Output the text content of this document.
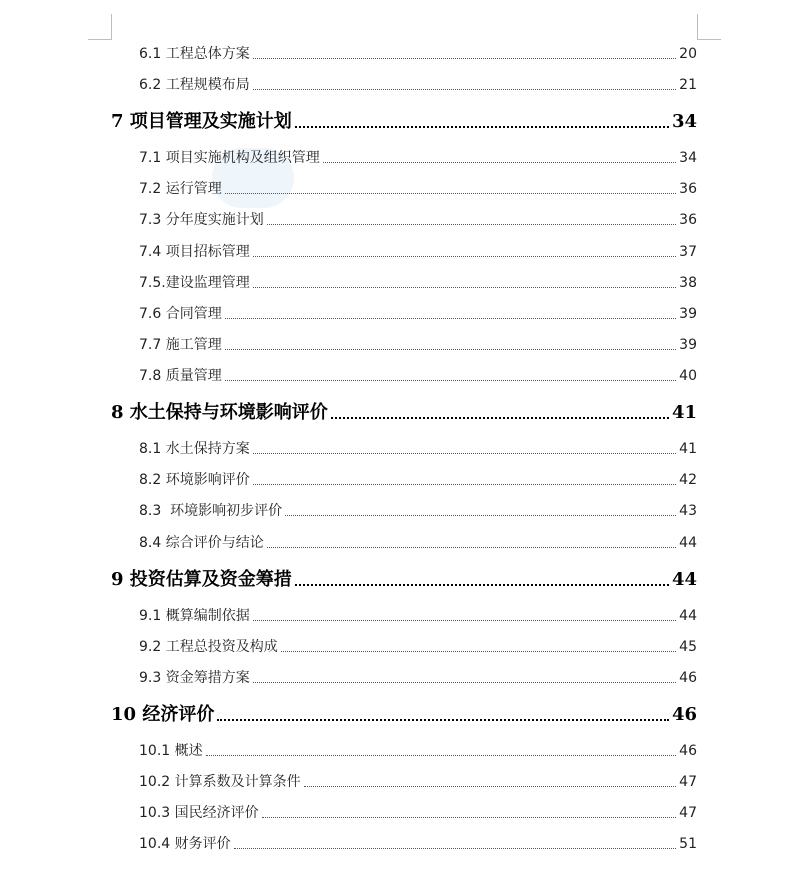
6.1 工程总体方案	20
6.2 工程规模布局	21
7 项目管理及实施计划	34
7.1 项目实施机构及组织管理	34
7.2 运行管理	36
7.3 分年度实施计划	36
7.4 项目招标管理	37
7.5.建设监理管理	38
7.6 合同管理	39
7.7 施工管理	39
7.8 质量管理	40
8 水土保持与环境影响评价	41
8.1 水土保持方案	41
8.2 环境影响评价	42
8.3  环境影响初步评价	43
8.4 综合评价与结论	44
9 投资估算及资金筹措	44
9.1 概算编制依据	44
9.2 工程总投资及构成	45
9.3 资金筹措方案	46
10 经济评价	46
10.1 概述	46
10.2 计算系数及计算条件	47
10.3 国民经济评价	47
10.4 财务评价	51
